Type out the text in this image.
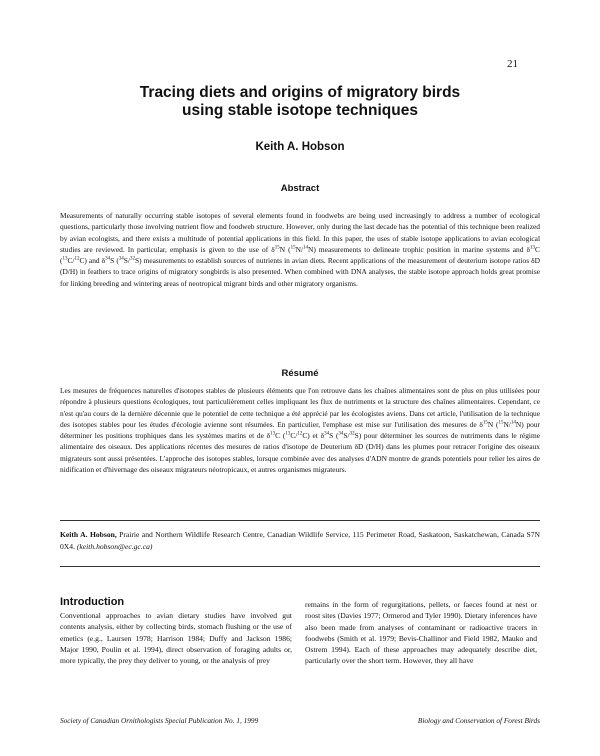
21
Tracing diets and origins of migratory birds
using stable isotope techniques
Keith A. Hobson
Abstract
Measurements of naturally occurring stable isotopes of several elements found in foodwebs are being used increasingly to address a number of ecological questions, particularly those involving nutrient flow and foodweb structure. However, only during the last decade has the potential of this technique been realized by avian ecologists, and there exists a multitude of potential applications in this field. In this paper, the uses of stable isotope applications to avian ecological studies are reviewed. In particular, emphasis is given to the use of $\delta^{15}N$ ($^{15}$N/$^{14}$N) measurements to delineate trophic position in marine systems and $\delta^{13}C$ ($^{13}$C/$^{12}$C) and $\delta^{34}S$ ($^{34}$S/$^{32}$S) measurements to establish sources of nutrients in avian diets. Recent applications of the measurement of deuterium isotope ratios δD (D/H) in feathers to trace origins of migratory songbirds is also presented. When combined with DNA analyses, the stable isotope approach holds great promise for linking breeding and wintering areas of neotropical migrant birds and other migratory organisms.
Résumé
Les mesures de fréquences naturelles d'isotopes stables de plusieurs éléments que l'on retrouve dans les chaînes alimentaires sont de plus en plus utilisées pour répondre à plusieurs questions écologiques, tout particulièrement celles impliquant les flux de nutriments et la structure des chaînes alimentaires. Cependant, ce n'est qu'au cours de la dernière décennie que le potentiel de cette technique a été apprécié par les écologistes aviens. Dans cet article, l'utilisation de la technique des isotopes stables pour les études d'écologie avienne sont résumées. En particulier, l'emphase est mise sur l'utilisation des mesures de $\delta^{15}N$ ($^{15}$N/$^{14}$N) pour déterminer les positions trophiques dans les systèmes marins et de $\delta^{13}C$ ($^{13}$C/$^{12}$C) et $\delta^{34}S$ ($^{34}$S/$^{32}$S) pour déterminer les sources de nutriments dans le régime alimentaire des oiseaux. Des applications récentes des mesures de ratios d'isotope de Deuterium δD (D/H) dans les plumes pour retracer l'origine des oiseaux migrateurs sont aussi présentées. L'approche des isotopes stables, lorsque combinée avec des analyses d'ADN montre de grands potentiels pour relier les aires de nidification et d'hivernage des oiseaux migrateurs néotropicaux, et autres organismes migrateurs.
Keith A. Hobson, Prairie and Northern Wildlife Research Centre, Canadian Wildlife Service, 115 Perimeter Road, Saskatoon, Saskatchewan, Canada S7N 0X4. (keith.hobson@ec.gc.ca)
Introduction
Conventional approaches to avian dietary studies have involved gut contents analysis, either by collecting birds, stomach flushing or the use of emetics (e.g., Laursen 1978; Harrison 1984; Duffy and Jackson 1986; Major 1990, Poulin et al. 1994), direct observation of foraging adults or, more typically, the prey they deliver to young, or the analysis of prey
remains in the form of regurgitations, pellets, or faeces found at nest or roost sites (Davies 1977; Ormerod and Tyler 1990). Dietary inferences have also been made from analyses of contaminant or radioactive tracers in foodwebs (Smith et al. 1979; Bevis-Challinor and Field 1982, Mauko and Ostrem 1994). Each of these approaches may adequately describe diet, particularly over the short term. However, they all have
Society of Canadian Ornithologists Special Publication No. 1, 1999	Biology and Conservation of Forest Birds
